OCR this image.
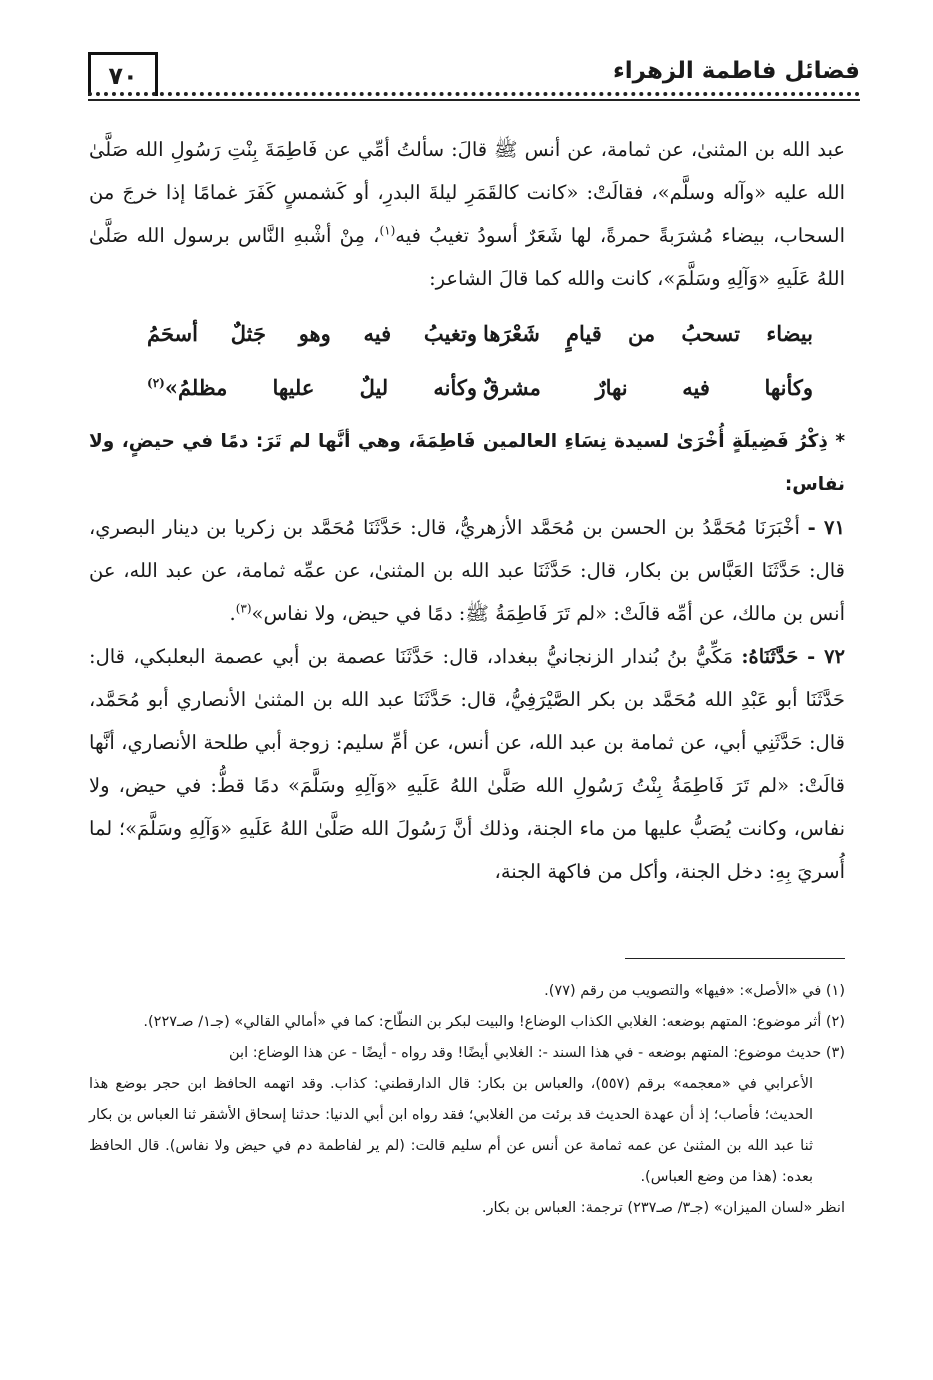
فضائل فاطمة الزهراء
٧٠

عبد الله بن المثنىٰ، عن ثمامة، عن أنس ﷺ قالَ: سألتُ أمِّي عن فَاطِمَةَ بِنْتِ رَسُولِ الله صَلَّىٰ الله عليه «وآله وسلَّم»، فقالَتْ: «كانت كالقَمَرِ ليلةَ البدرِ، أو كَشمسٍ كَفَرَ غمامًا إذا خرجَ من السحاب، بيضاء مُشرَبةً حمرةً، لها شَعَرٌ أسودُ تغيبُ فيه$^{(١)}$، مِنْ أشْبهِ النَّاس برسول الله صَلَّىٰ اللهُ عَلَيهِ «وَآلِهِ وسَلَّمَ»، كانت والله كما قالَ الشاعر:

بيضاء تسحبُ من قيامٍ شَعْرَها
وتغيبُ فيه وهو جَثلٌ أسحَمُ
وكأنها فيه نهارٌ مشرقٌ
وكأنه ليلٌ عليها مظلمُ»$^{(٢)}$

* ذِكْرُ فَضِيلَةٍ أُخْرَىٰ لسيدة نِسَاءِ العالمين فَاطِمَةَ، وهي أنَّها لم تَرَ: دمًا في حيضٍ، ولا نفاس:

٧١ - أخْبَرَنَا مُحَمَّدُ بن الحسن بن مُحَمَّد الأزهريُّ، قال: حَدَّثَنَا مُحَمَّد بن زكريا بن دينار البصري، قال: حَدَّثَنَا العَبَّاس بن بكار، قال: حَدَّثَنَا عبد الله بن المثنىٰ، عن عمِّه ثمامة، عن عبد الله، عن أنس بن مالك، عن أمِّه قالَتْ: «لم تَرَ فَاطِمَةُ ﷺ: دمًا في حيض، ولا نفاس»$^{(٣)}$.

٧٢ - حَدَّثَنَاهُ: مَكِّيُّ بنُ بُندار الزنجانيُّ ببغداد، قال: حَدَّثَنَا عصمة بن أبي عصمة البعلبكي، قال: حَدَّثَنَا أبو عَبْدِ الله مُحَمَّد بن بكر الصَّيْرَفِيُّ، قال: حَدَّثَنَا عبد الله بن المثنىٰ الأنصاري أبو مُحَمَّد، قال: حَدَّثَنِي أبي، عن ثمامة بن عبد الله، عن أنس، عن أمِّ سليم: زوجة أبي طلحة الأنصاري، أنَّها قالَتْ: «لم تَرَ فَاطِمَةُ بِنْتُ رَسُولِ الله صَلَّىٰ اللهُ عَلَيهِ «وَآلِهِ وسَلَّمَ» دمًا قطُّ: في حيض، ولا نفاس، وكانت يُصَبُّ عليها من ماء الجنة، وذلك أنَّ رَسُولَ الله صَلَّىٰ اللهُ عَلَيهِ «وَآلِهِ وسَلَّمَ»؛ لما أُسريَ بِهِ: دخل الجنة، وأكل من فاكهة الجنة،

(١) في «الأصل»: «فيها» والتصويب من رقم (٧٧).

(٢) أثر موضوع: المتهم بوضعه: الغلابي الكذاب الوضاع! والبيت لبكر بن النطّاح: كما في «أمالي القالي» (جـ١/ صـ٢٢٧).

(٣) حديث موضوع: المتهم بوضعه - في هذا السند -: الغلابي أيضًا! وقد رواه - أيضًا - عن هذا الوضاع: ابن

الأعرابي في «معجمه» برقم (٥٥٧)، والعباس بن بكار: قال الدارقطني: كذاب. وقد اتهمه الحافظ ابن حجر بوضع هذا الحديث؛ فأصاب؛ إذ أن عهدة الحديث قد برئت من الغلابي؛ فقد رواه ابن أبي الدنيا: حدثنا إسحاق الأشقر ثنا العباس بن بكار ثنا عبد الله بن المثنىٰ عن عمه ثمامة عن أنس عن أم سليم قالت: (لم ير لفاطمة دم في حيض ولا نفاس). قال الحافظ بعده: (هذا من وضع العباس).

انظر «لسان الميزان» (جـ٣/ صـ٢٣٧) ترجمة: العباس بن بكار.
